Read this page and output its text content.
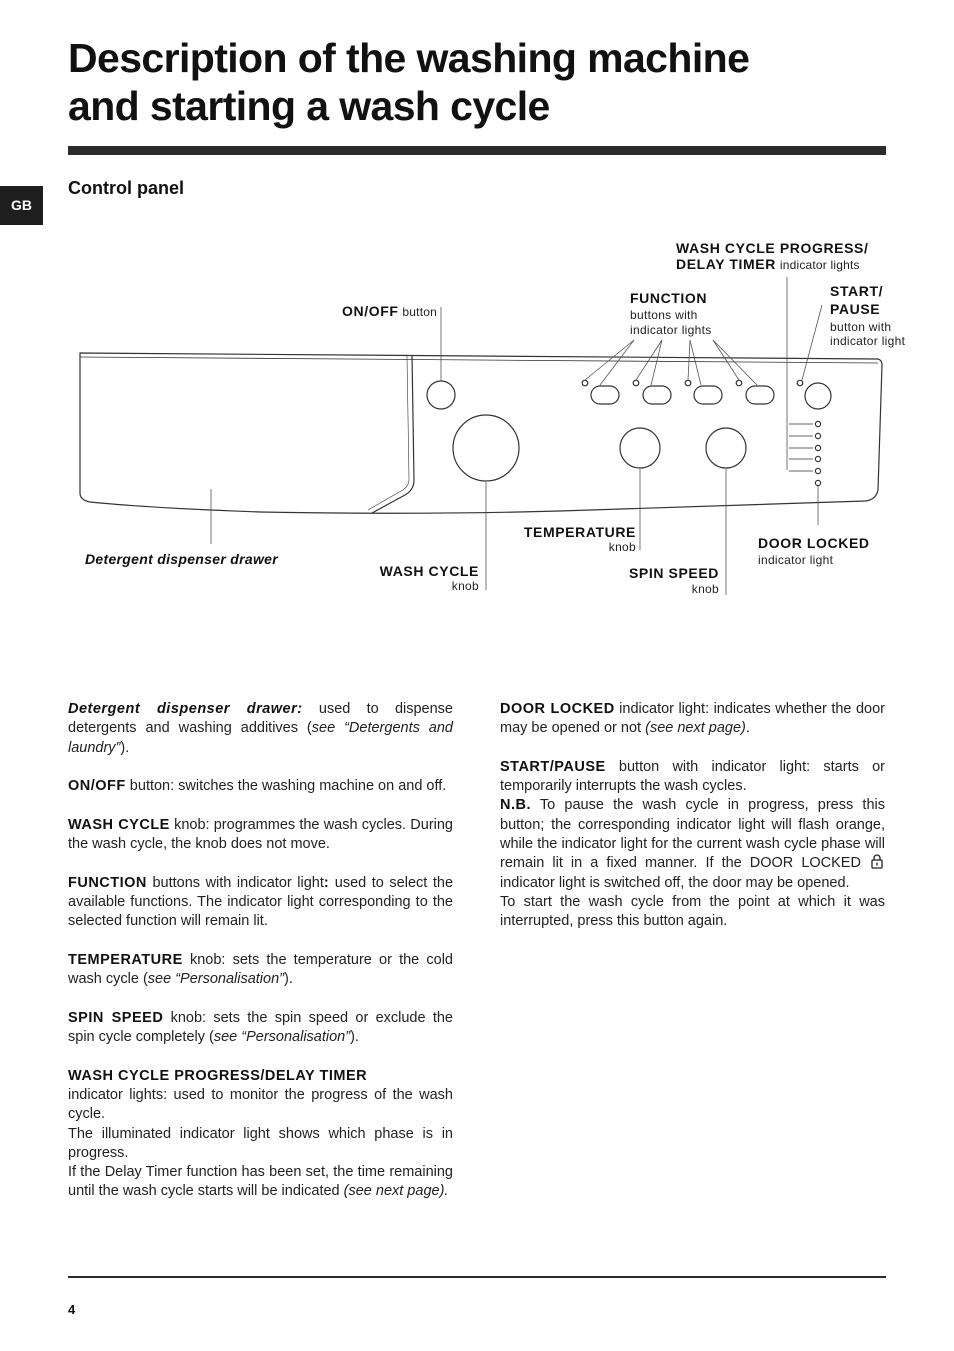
Description of the washing machine
and starting a wash cycle
GB
Control panel
WASH CYCLE PROGRESS/
DELAY TIMER indicator lights
ON/OFF button
FUNCTION
buttons with
indicator lights
START/
PAUSE
button with
indicator light
TEMPERATURE
knob	DOOR LOCKED
indicator light
Detergent dispenser drawer
WASH CYCLE
knob
SPIN SPEED
knob

Detergent dispenser drawer: used to dispense detergents and washing additives (see “Detergents and laundry”).

ON/OFF button: switches the washing machine on and off.

WASH CYCLE knob: programmes the wash cycles. During the wash cycle, the knob does not move.

FUNCTION buttons with indicator light: used to select the available functions. The indicator light corresponding to the selected function will remain lit.

TEMPERATURE knob: sets the temperature or the cold wash cycle (see “Personalisation”).

SPIN SPEED knob: sets the spin speed or exclude the spin cycle completely (see “Personalisation”).

WASH CYCLE PROGRESS/DELAY TIMER

indicator lights: used to monitor the progress of the wash cycle.

The illuminated indicator light shows which phase is in progress.

If the Delay Timer function has been set, the time remaining until the wash cycle starts will be indicated (see next page).

DOOR LOCKED indicator light: indicates whether the door may be opened or not (see next page).

START/PAUSE button with indicator light: starts or temporarily interrupts the wash cycles.

N.B. To pause the wash cycle in progress, press this button; the corresponding indicator light will flash orange, while the indicator light for the current wash cycle phase will remain lit in a fixed manner. If the DOOR LOCKED indicator light is switched off, the door may be opened.

To start the wash cycle from the point at which it was interrupted, press this button again.

4
